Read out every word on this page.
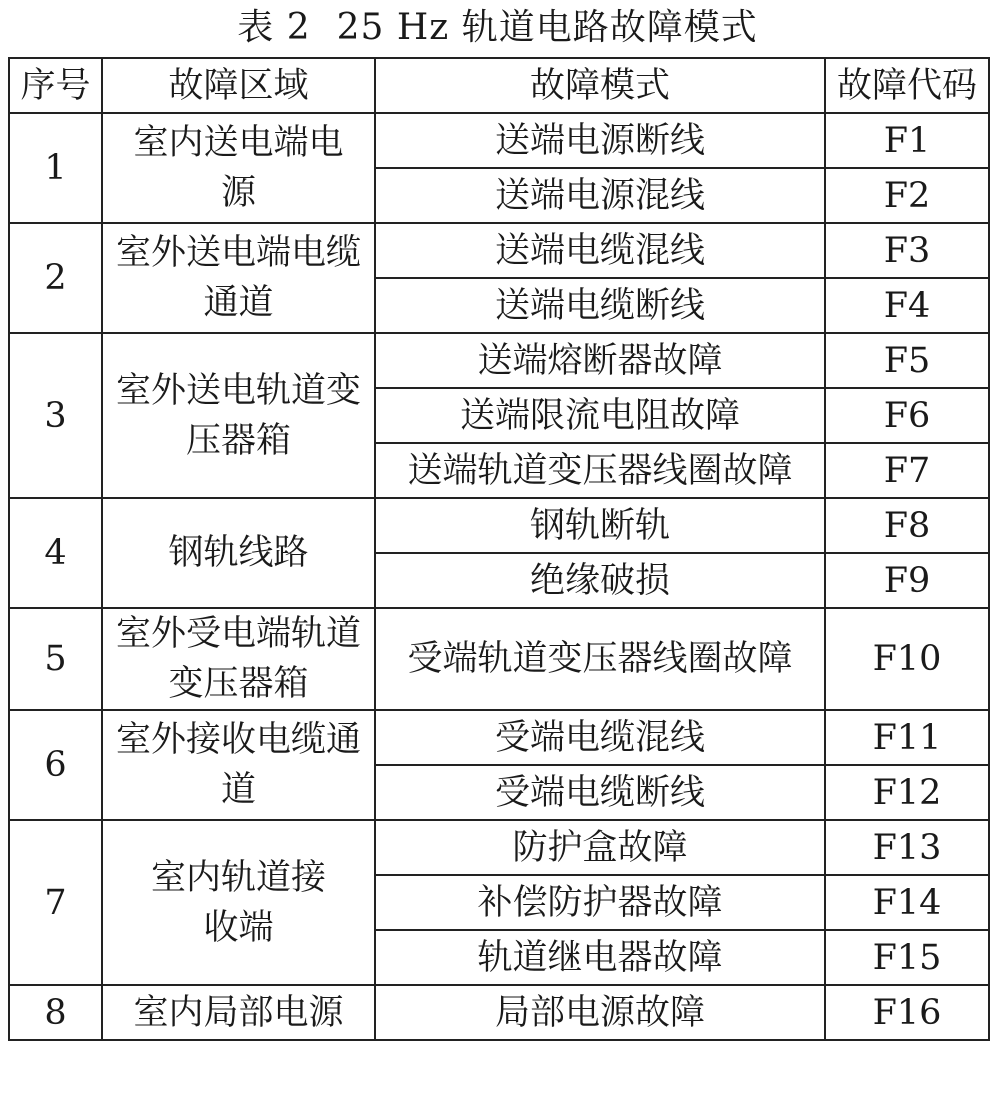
表 2 25 Hz 轨道电路故障模式
序号	故障区域	故障模式	故障代码
1	室内送电端电源	送端电源断线	F1
		送端电源混线	F2
2	室外送电端电缆通道	送端电缆混线	F3
		送端电缆断线	F4
3	室外送电轨道变压器箱	送端熔断器故障	F5
		送端限流电阻故障	F6
		送端轨道变压器线圈故障	F7
4	钢轨线路	钢轨断轨	F8
		绝缘破损	F9
5	室外受电端轨道变压器箱	受端轨道变压器线圈故障	F10
6	室外接收电缆通道	受端电缆混线	F11
		受端电缆断线	F12
7	室内轨道接收端	防护盒故障	F13
		补偿防护器故障	F14
		轨道继电器故障	F15
8	室内局部电源	局部电源故障	F16
